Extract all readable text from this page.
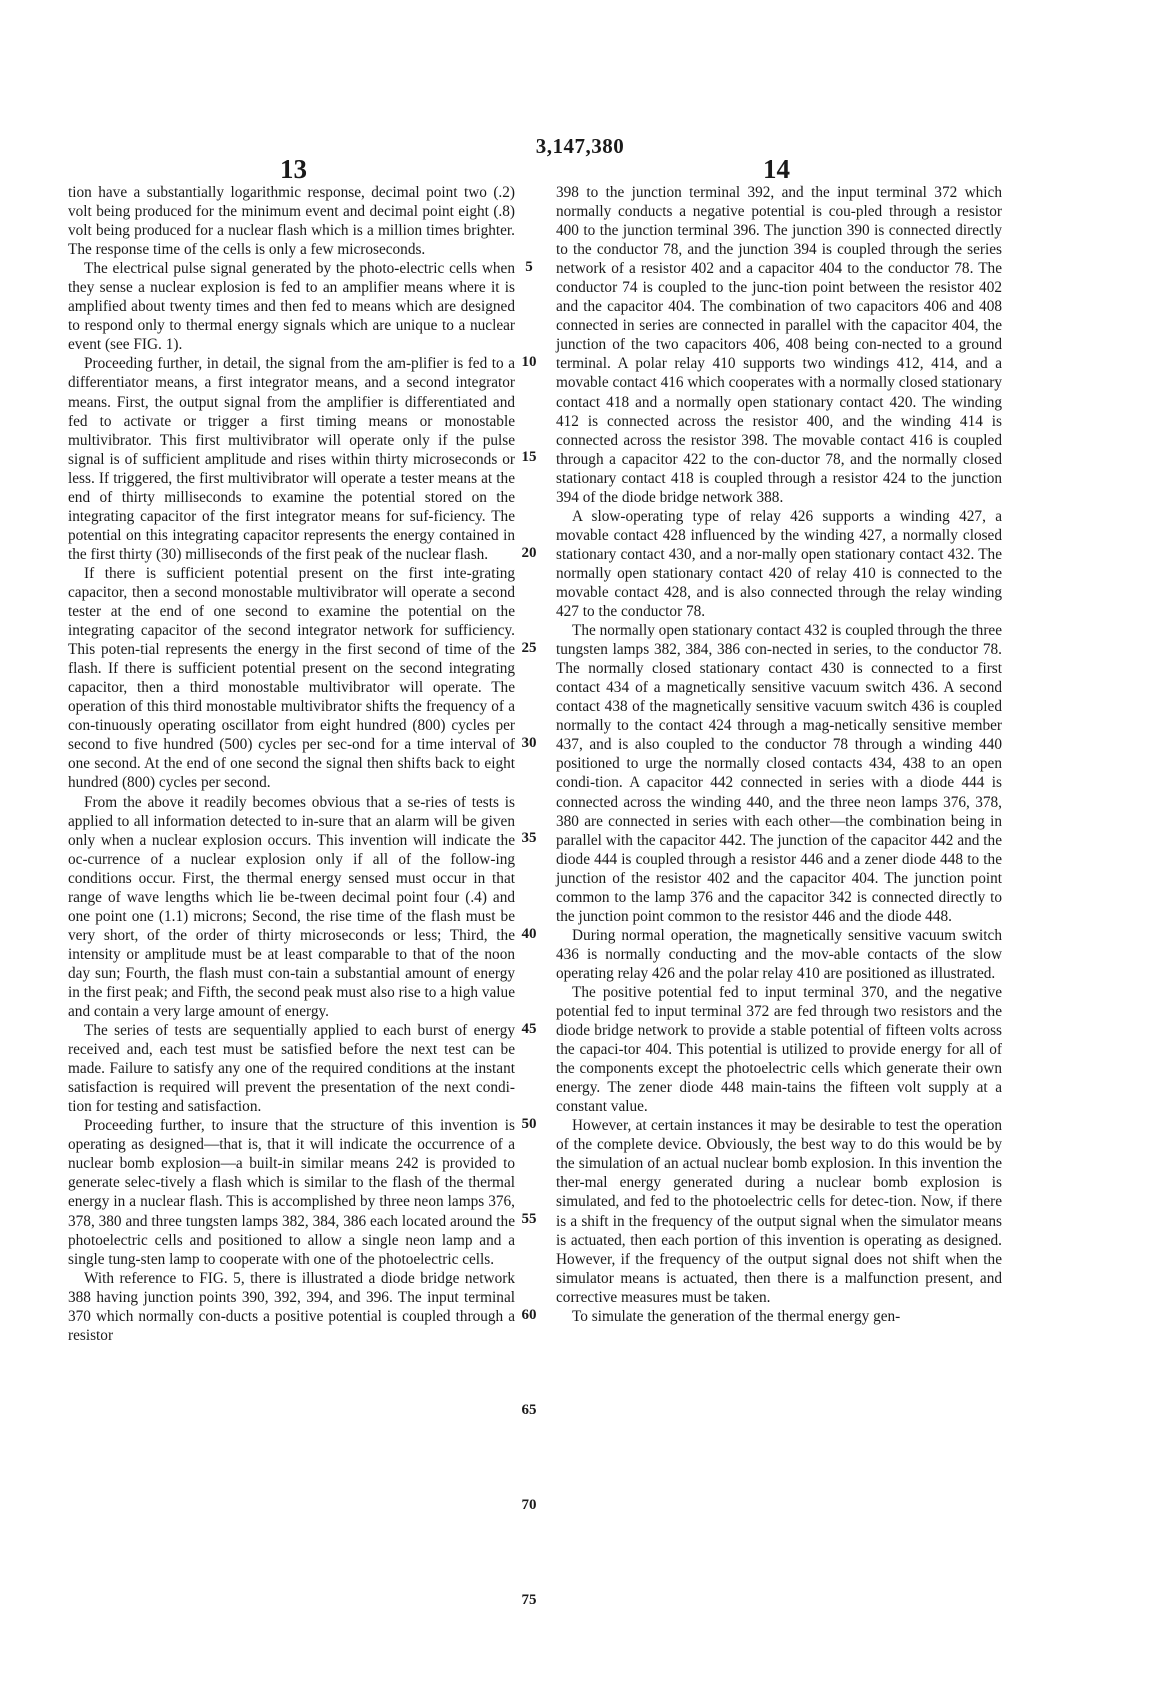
3,147,380
13	14

tion have a substantially logarithmic response, decimal point two (.2) volt being produced for the minimum event and decimal point eight (.8) volt being produced for a nuclear flash which is a million times brighter. The response time of the cells is only a few microseconds.

The electrical pulse signal generated by the photo-electric cells when they sense a nuclear explosion is fed to an amplifier means where it is amplified about twenty times and then fed to means which are designed to respond only to thermal energy signals which are unique to a nuclear event (see FIG. 1).

Proceeding further, in detail, the signal from the am-plifier is fed to a differentiator means, a first integrator means, and a second integrator means. First, the output signal from the amplifier is differentiated and fed to activate or trigger a first timing means or monostable multivibrator. This first multivibrator will operate only if the pulse signal is of sufficient amplitude and rises within thirty microseconds or less. If triggered, the first multivibrator will operate a tester means at the end of thirty milliseconds to examine the potential stored on the integrating capacitor of the first integrator means for suf-ficiency. The potential on this integrating capacitor represents the energy contained in the first thirty (30) milliseconds of the first peak of the nuclear flash.

If there is sufficient potential present on the first inte-grating capacitor, then a second monostable multivibrator will operate a second tester at the end of one second to examine the potential on the integrating capacitor of the second integrator network for sufficiency. This poten-tial represents the energy in the first second of time of the flash. If there is sufficient potential present on the second integrating capacitor, then a third monostable multivibrator will operate. The operation of this third monostable multivibrator shifts the frequency of a con-tinuously operating oscillator from eight hundred (800) cycles per second to five hundred (500) cycles per sec-ond for a time interval of one second. At the end of one second the signal then shifts back to eight hundred (800) cycles per second.

From the above it readily becomes obvious that a se-ries of tests is applied to all information detected to in-sure that an alarm will be given only when a nuclear explosion occurs. This invention will indicate the oc-currence of a nuclear explosion only if all of the follow-ing conditions occur. First, the thermal energy sensed must occur in that range of wave lengths which lie be-tween decimal point four (.4) and one point one (1.1) microns; Second, the rise time of the flash must be very short, of the order of thirty microseconds or less; Third, the intensity or amplitude must be at least comparable to that of the noon day sun; Fourth, the flash must con-tain a substantial amount of energy in the first peak; and Fifth, the second peak must also rise to a high value and contain a very large amount of energy.

The series of tests are sequentially applied to each burst of energy received and, each test must be satisfied before the next test can be made. Failure to satisfy any one of the required conditions at the instant satisfaction is required will prevent the presentation of the next condi-tion for testing and satisfaction.

Proceeding further, to insure that the structure of this invention is operating as designed—that is, that it will indicate the occurrence of a nuclear bomb explosion—a built-in similar means 242 is provided to generate selec-tively a flash which is similar to the flash of the thermal energy in a nuclear flash. This is accomplished by three neon lamps 376, 378, 380 and three tungsten lamps 382, 384, 386 each located around the photoelectric cells and positioned to allow a single neon lamp and a single tung-sten lamp to cooperate with one of the photoelectric cells.

With reference to FIG. 5, there is illustrated a diode bridge network 388 having junction points 390, 392, 394, and 396. The input terminal 370 which normally con-ducts a positive potential is coupled through a resistor

5
10
15
20
25
30
35
40
45
50
55
60
65
70
75

398 to the junction terminal 392, and the input terminal 372 which normally conducts a negative potential is cou-pled through a resistor 400 to the junction terminal 396. The junction 390 is connected directly to the conductor 78, and the junction 394 is coupled through the series network of a resistor 402 and a capacitor 404 to the conductor 78. The conductor 74 is coupled to the junc-tion point between the resistor 402 and the capacitor 404. The combination of two capacitors 406 and 408 connected in series are connected in parallel with the capacitor 404, the junction of the two capacitors 406, 408 being con-nected to a ground terminal. A polar relay 410 supports two windings 412, 414, and a movable contact 416 which cooperates with a normally closed stationary contact 418 and a normally open stationary contact 420. The winding 412 is connected across the resistor 400, and the winding 414 is connected across the resistor 398. The movable contact 416 is coupled through a capacitor 422 to the con-ductor 78, and the normally closed stationary contact 418 is coupled through a resistor 424 to the junction 394 of the diode bridge network 388.

A slow-operating type of relay 426 supports a winding 427, a movable contact 428 influenced by the winding 427, a normally closed stationary contact 430, and a nor-mally open stationary contact 432. The normally open stationary contact 420 of relay 410 is connected to the movable contact 428, and is also connected through the relay winding 427 to the conductor 78.

The normally open stationary contact 432 is coupled through the three tungsten lamps 382, 384, 386 con-nected in series, to the conductor 78. The normally closed stationary contact 430 is connected to a first contact 434 of a magnetically sensitive vacuum switch 436. A second contact 438 of the magnetically sensitive vacuum switch 436 is coupled normally to the contact 424 through a mag-netically sensitive member 437, and is also coupled to the conductor 78 through a winding 440 positioned to urge the normally closed contacts 434, 438 to an open condi-tion. A capacitor 442 connected in series with a diode 444 is connected across the winding 440, and the three neon lamps 376, 378, 380 are connected in series with each other—the combination being in parallel with the capacitor 442. The junction of the capacitor 442 and the diode 444 is coupled through a resistor 446 and a zener diode 448 to the junction of the resistor 402 and the capacitor 404. The junction point common to the lamp 376 and the capacitor 342 is connected directly to the junction point common to the resistor 446 and the diode 448.

During normal operation, the magnetically sensitive vacuum switch 436 is normally conducting and the mov-able contacts of the slow operating relay 426 and the polar relay 410 are positioned as illustrated.

The positive potential fed to input terminal 370, and the negative potential fed to input terminal 372 are fed through two resistors and the diode bridge network to provide a stable potential of fifteen volts across the capaci-tor 404. This potential is utilized to provide energy for all of the components except the photoelectric cells which generate their own energy. The zener diode 448 main-tains the fifteen volt supply at a constant value.

However, at certain instances it may be desirable to test the operation of the complete device. Obviously, the best way to do this would be by the simulation of an actual nuclear bomb explosion. In this invention the ther-mal energy generated during a nuclear bomb explosion is simulated, and fed to the photoelectric cells for detec-tion. Now, if there is a shift in the frequency of the output signal when the simulator means is actuated, then each portion of this invention is operating as designed. However, if the frequency of the output signal does not shift when the simulator means is actuated, then there is a malfunction present, and corrective measures must be taken.

To simulate the generation of the thermal energy gen-
